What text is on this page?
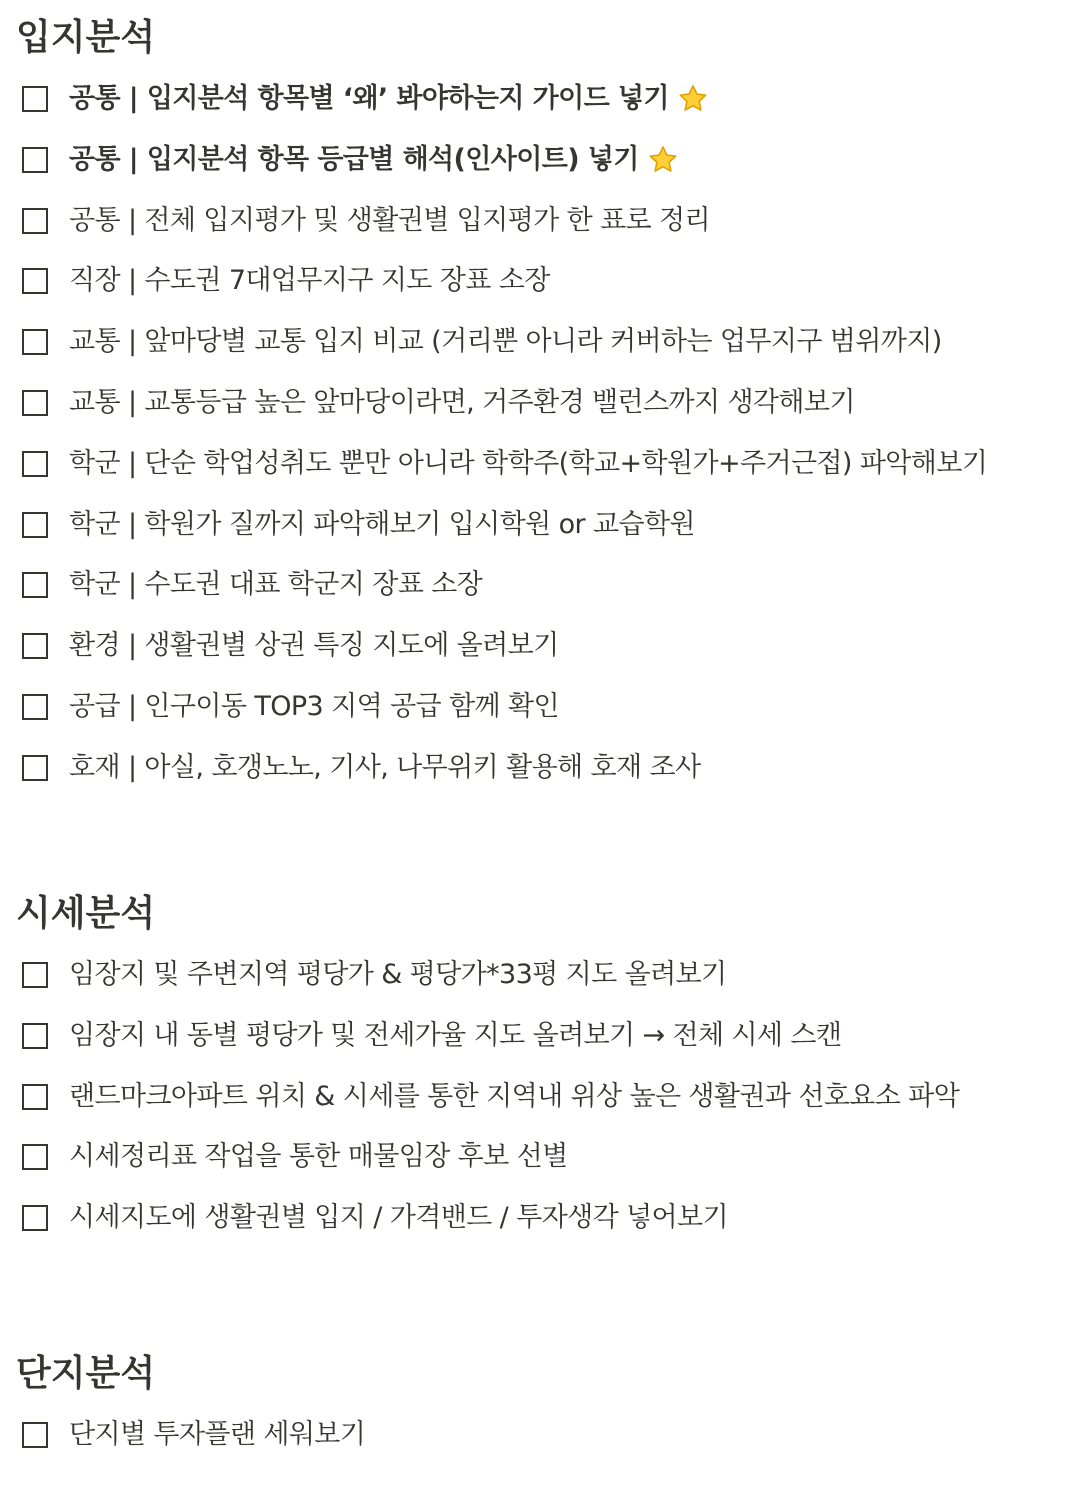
입지분석
공통 | 입지분석 항목별 ‘왜’ 봐야하는지 가이드 넣기
공통 | 입지분석 항목 등급별 해석(인사이트) 넣기
공통 | 전체 입지평가 및 생활권별 입지평가 한 표로 정리
직장 | 수도권 7대업무지구 지도 장표 소장
교통 | 앞마당별 교통 입지 비교 (거리뿐 아니라 커버하는 업무지구 범위까지)
교통 | 교통등급 높은 앞마당이라면, 거주환경 밸런스까지 생각해보기
학군 | 단순 학업성취도 뿐만 아니라 학학주(학교+학원가+주거근접) 파악해보기
학군 | 학원가 질까지 파악해보기 입시학원 or 교습학원
학군 | 수도권 대표 학군지 장표 소장
환경 | 생활권별 상권 특징 지도에 올려보기
공급 | 인구이동 TOP3 지역 공급 함께 확인
호재 | 아실, 호갱노노, 기사, 나무위키 활용해 호재 조사
시세분석
임장지 및 주변지역 평당가 & 평당가*33평 지도 올려보기
임장지 내 동별 평당가 및 전세가율 지도 올려보기 → 전체 시세 스캔
랜드마크아파트 위치 & 시세를 통한 지역내 위상 높은 생활권과 선호요소 파악
시세정리표 작업을 통한 매물임장 후보 선별
시세지도에 생활권별 입지 / 가격밴드 / 투자생각 넣어보기
단지분석
단지별 투자플랜 세워보기
